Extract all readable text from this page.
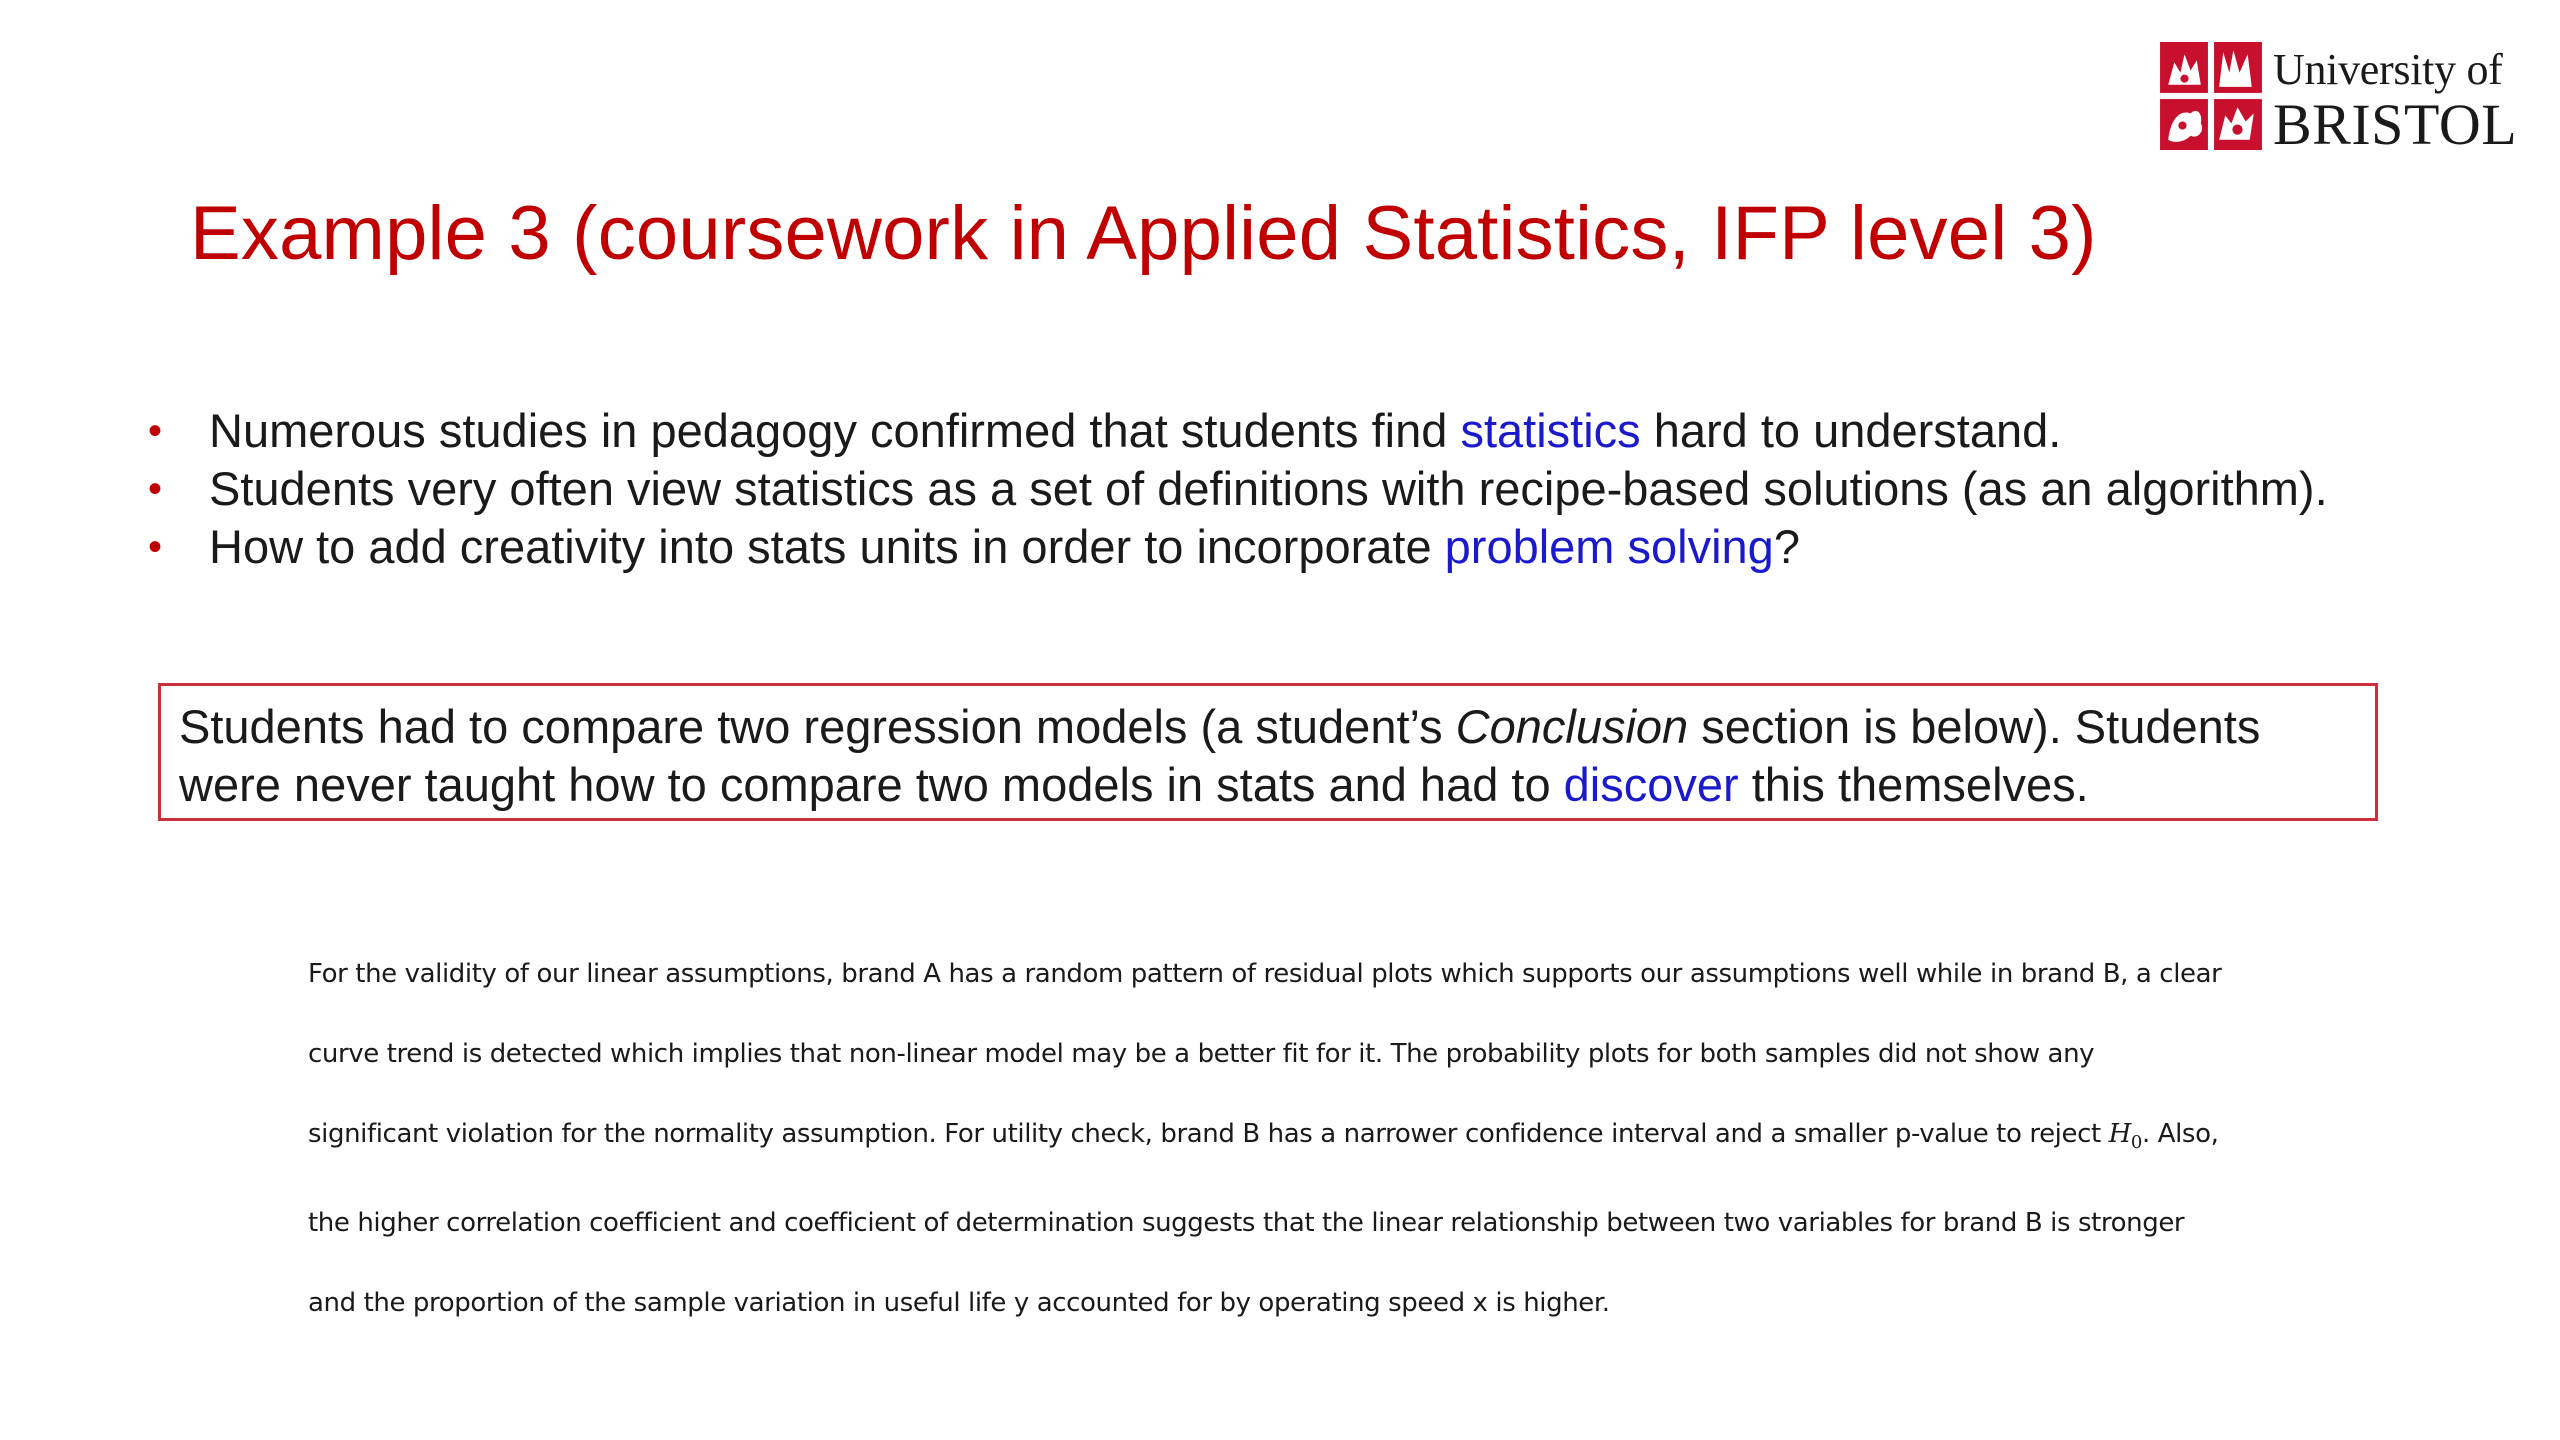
University of
BRISTOL
Example 3 (coursework in Applied Statistics, IFP level 3)
• Numerous studies in pedagogy confirmed that students find statistics hard to understand.
• Students very often view statistics as a set of definitions with recipe-based solutions (as an algorithm).
• How to add creativity into stats units in order to incorporate problem solving?

Students had to compare two regression models (a student’s Conclusion section is below). Students

were never taught how to compare two models in stats and had to discover this themselves.

For the validity of our linear assumptions, brand A has a random pattern of residual plots which supports our assumptions well while in brand B, a clear

curve trend is detected which implies that non-linear model may be a better fit for it. The probability plots for both samples did not show any

significant violation for the normality assumption. For utility check, brand B has a narrower confidence interval and a smaller p-value to reject $H_0$. Also,

the higher correlation coefficient and coefficient of determination suggests that the linear relationship between two variables for brand B is stronger

and the proportion of the sample variation in useful life y accounted for by operating speed x is higher.
